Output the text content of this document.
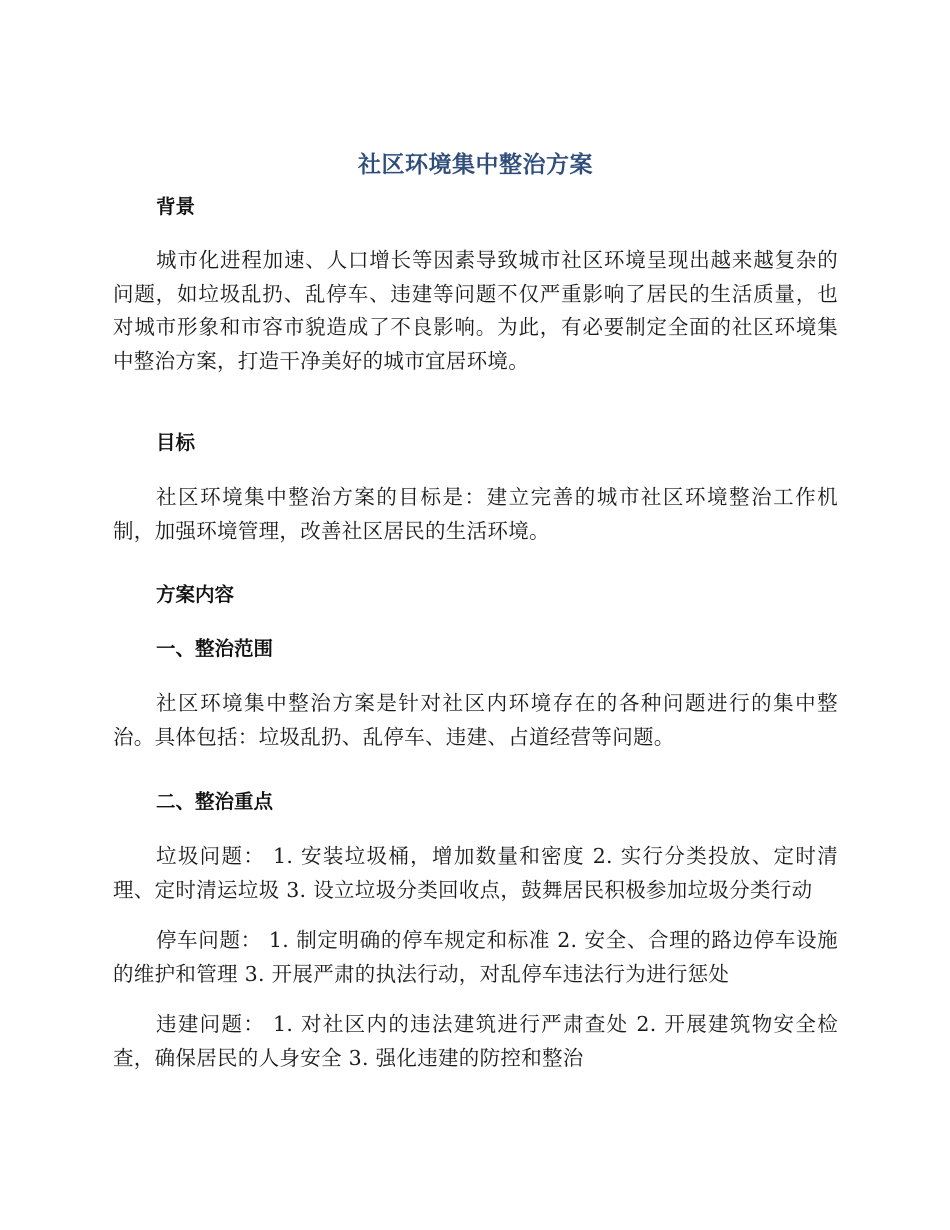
社区环境集中整治方案
背景
城市化进程加速、人口增长等因素导致城市社区环境呈现出越来越复杂的问题，如垃圾乱扔、乱停车、违建等问题不仅严重影响了居民的生活质量，也对城市形象和市容市貌造成了不良影响。为此，有必要制定全面的社区环境集中整治方案，打造干净美好的城市宜居环境。
目标
社区环境集中整治方案的目标是：建立完善的城市社区环境整治工作机制，加强环境管理，改善社区居民的生活环境。
方案内容
一、整治范围
社区环境集中整治方案是针对社区内环境存在的各种问题进行的集中整治。具体包括：垃圾乱扔、乱停车、违建、占道经营等问题。
二、整治重点
垃圾问题： 1. 安装垃圾桶，增加数量和密度 2. 实行分类投放、定时清理、定时清运垃圾 3. 设立垃圾分类回收点，鼓舞居民积极参加垃圾分类行动
停车问题： 1. 制定明确的停车规定和标准 2. 安全、合理的路边停车设施的维护和管理 3. 开展严肃的执法行动，对乱停车违法行为进行惩处
违建问题： 1. 对社区内的违法建筑进行严肃查处 2. 开展建筑物安全检查，确保居民的人身安全 3. 强化违建的防控和整治
